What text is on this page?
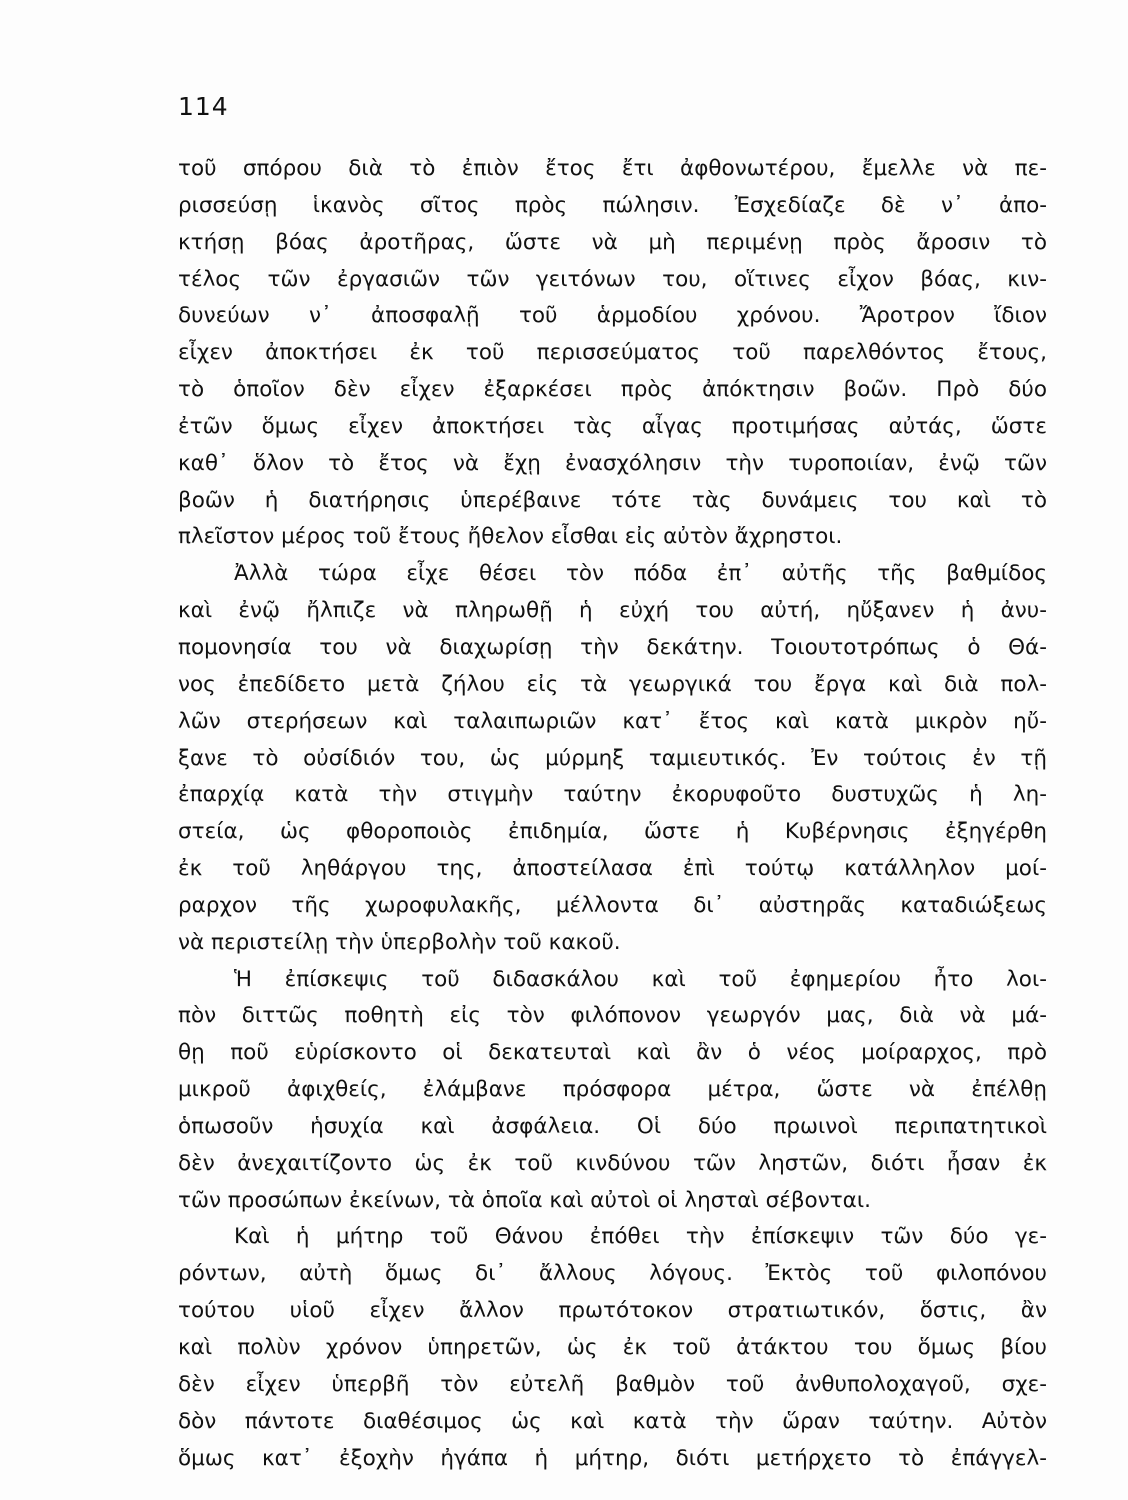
114
τοῦ σπόρου διὰ τὸ ἐπιὸν ἔτος ἔτι ἀφθονωτέρου, ἔμελλε νὰ πε-
ρισσεύσῃ ἱκανὸς σῖτος πρὸς πώλησιν. Ἐσχεδίαζε δὲ ν᾿ ἀπο-
κτήσῃ βόας ἀροτῆρας, ὥστε νὰ μὴ περιμένῃ πρὸς ἄροσιν τὸ
τέλος τῶν ἐργασιῶν τῶν γειτόνων του, οἵτινες εἶχον βόας, κιν-
δυνεύων ν᾿ ἀποσφαλῇ τοῦ ἁρμοδίου χρόνου. Ἄροτρον ἴδιον
εἶχεν ἀποκτήσει ἐκ τοῦ περισσεύματος τοῦ παρελθόντος ἔτους,
τὸ ὁποῖον δὲν εἶχεν ἐξαρκέσει πρὸς ἀπόκτησιν βοῶν. Πρὸ δύο
ἐτῶν ὅμως εἶχεν ἀποκτήσει τὰς αἶγας προτιμήσας αὐτάς, ὥστε
καθ᾿ ὅλον τὸ ἔτος νὰ ἔχῃ ἐνασχόλησιν τὴν τυροποιίαν, ἐνῷ τῶν
βοῶν ἡ διατήρησις ὑπερέβαινε τότε τὰς δυνάμεις του καὶ τὸ
πλεῖστον μέρος τοῦ ἔτους ἤθελον εἶσθαι εἰς αὐτὸν ἄχρηστοι.
Ἀλλὰ τώρα εἶχε θέσει τὸν πόδα ἐπ᾿ αὐτῆς τῆς βαθμίδος
καὶ ἐνῷ ἤλπιζε νὰ πληρωθῇ ἡ εὐχή του αὐτή, ηὔξανεν ἡ ἀνυ-
πομονησία του νὰ διαχωρίσῃ τὴν δεκάτην. Τοιουτοτρόπως ὁ Θά-
νος ἐπεδίδετο μετὰ ζήλου εἰς τὰ γεωργικά του ἔργα καὶ διὰ πολ-
λῶν στερήσεων καὶ ταλαιπωριῶν κατ᾿ ἔτος καὶ κατὰ μικρὸν ηὔ-
ξανε τὸ οὐσίδιόν του, ὡς μύρμηξ ταμιευτικός. Ἐν τούτοις ἐν τῇ
ἐπαρχίᾳ κατὰ τὴν στιγμὴν ταύτην ἐκορυφοῦτο δυστυχῶς ἡ λη-
στεία, ὡς φθοροποιὸς ἐπιδημία, ὥστε ἡ Κυβέρνησις ἐξηγέρθη
ἐκ τοῦ ληθάργου της, ἀποστείλασα ἐπὶ τούτῳ κατάλληλον μοί-
ραρχον τῆς χωροφυλακῆς, μέλλοντα δι᾿ αὐστηρᾶς καταδιώξεως
νὰ περιστείλῃ τὴν ὑπερβολὴν τοῦ κακοῦ.
Ἡ ἐπίσκεψις τοῦ διδασκάλου καὶ τοῦ ἐφημερίου ἦτο λοι-
πὸν διττῶς ποθητὴ εἰς τὸν φιλόπονον γεωργόν μας, διὰ νὰ μά-
θῃ ποῦ εὑρίσκοντο οἱ δεκατευταὶ καὶ ἂν ὁ νέος μοίραρχος, πρὸ
μικροῦ ἀφιχθείς, ἐλάμβανε πρόσφορα μέτρα, ὥστε νὰ ἐπέλθῃ
ὁπωσοῦν ἡσυχία καὶ ἀσφάλεια. Οἱ δύο πρωινοὶ περιπατητικοὶ
δὲν ἀνεχαιτίζοντο ὡς ἐκ τοῦ κινδύνου τῶν ληστῶν, διότι ἦσαν ἐκ
τῶν προσώπων ἐκείνων, τὰ ὁποῖα καὶ αὐτοὶ οἱ λησταὶ σέβονται.
Καὶ ἡ μήτηρ τοῦ Θάνου ἐπόθει τὴν ἐπίσκεψιν τῶν δύο γε-
ρόντων, αὐτὴ ὅμως δι᾿ ἄλλους λόγους. Ἐκτὸς τοῦ φιλοπόνου
τούτου υἱοῦ εἶχεν ἄλλον πρωτότοκον στρατιωτικόν, ὅστις, ἂν
καὶ πολὺν χρόνον ὑπηρετῶν, ὡς ἐκ τοῦ ἀτάκτου του ὅμως βίου
δὲν εἶχεν ὑπερβῆ τὸν εὐτελῆ βαθμὸν τοῦ ἀνθυπολοχαγοῦ, σχε-
δὸν πάντοτε διαθέσιμος ὡς καὶ κατὰ τὴν ὥραν ταύτην. Αὐτὸν
ὅμως κατ᾿ ἐξοχὴν ἠγάπα ἡ μήτηρ, διότι μετήρχετο τὸ ἐπάγγελ-
